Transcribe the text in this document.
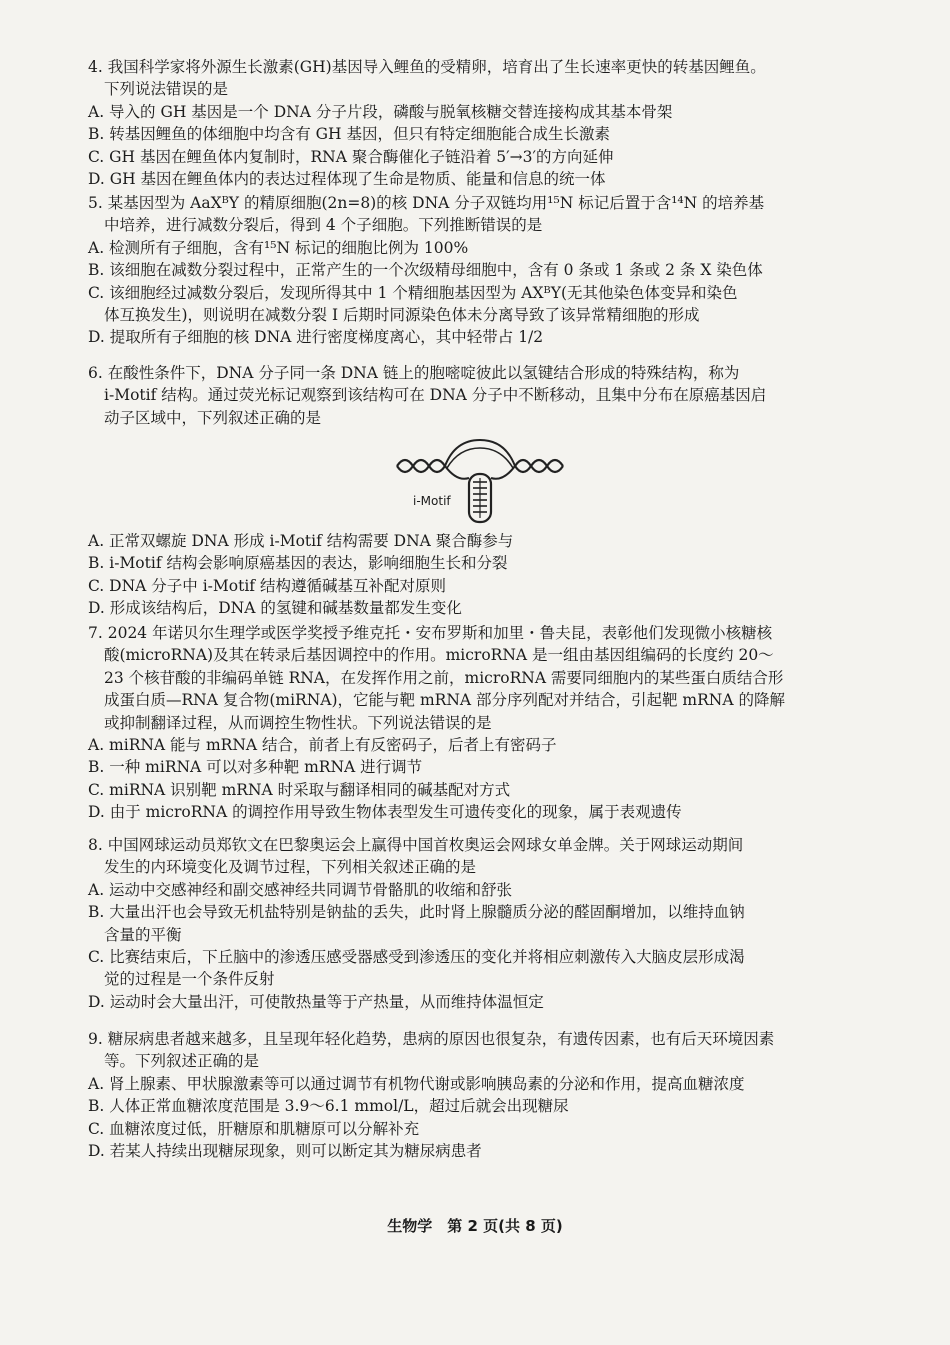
4. 我国科学家将外源生长激素(GH)基因导入鲤鱼的受精卵，培育出了生长速率更快的转基因鲤鱼。

下列说法错误的是

A. 导入的 GH 基因是一个 DNA 分子片段，磷酸与脱氧核糖交替连接构成其基本骨架

B. 转基因鲤鱼的体细胞中均含有 GH 基因，但只有特定细胞能合成生长激素

C. GH 基因在鲤鱼体内复制时，RNA 聚合酶催化子链沿着 5′→3′的方向延伸

D. GH 基因在鲤鱼体内的表达过程体现了生命是物质、能量和信息的统一体

5. 某基因型为 AaXᴮY 的精原细胞(2n=8)的核 DNA 分子双链均用¹⁵N 标记后置于含¹⁴N 的培养基

中培养，进行减数分裂后，得到 4 个子细胞。下列推断错误的是

A. 检测所有子细胞，含有¹⁵N 标记的细胞比例为 100%

B. 该细胞在减数分裂过程中，正常产生的一个次级精母细胞中，含有 0 条或 1 条或 2 条 X 染色体

C. 该细胞经过减数分裂后，发现所得其中 1 个精细胞基因型为 AXᴮY(无其他染色体变异和染色

体互换发生)，则说明在减数分裂 Ⅰ 后期时同源染色体未分离导致了该异常精细胞的形成

D. 提取所有子细胞的核 DNA 进行密度梯度离心，其中轻带占 1/2

6. 在酸性条件下，DNA 分子同一条 DNA 链上的胞嘧啶彼此以氢键结合形成的特殊结构，称为

i-Motif 结构。通过荧光标记观察到该结构可在 DNA 分子中不断移动，且集中分布在原癌基因启

动子区域中，下列叙述正确的是

i-Motif

A. 正常双螺旋 DNA 形成 i-Motif 结构需要 DNA 聚合酶参与

B. i-Motif 结构会影响原癌基因的表达，影响细胞生长和分裂

C. DNA 分子中 i-Motif 结构遵循碱基互补配对原则

D. 形成该结构后，DNA 的氢键和碱基数量都发生变化

7. 2024 年诺贝尔生理学或医学奖授予维克托・安布罗斯和加里・鲁夫昆，表彰他们发现微小核糖核

酸(microRNA)及其在转录后基因调控中的作用。microRNA 是一组由基因组编码的长度约 20～

23 个核苷酸的非编码单链 RNA，在发挥作用之前，microRNA 需要同细胞内的某些蛋白质结合形

成蛋白质—RNA 复合物(miRNA)，它能与靶 mRNA 部分序列配对并结合，引起靶 mRNA 的降解

或抑制翻译过程，从而调控生物性状。下列说法错误的是

A. miRNA 能与 mRNA 结合，前者上有反密码子，后者上有密码子

B. 一种 miRNA 可以对多种靶 mRNA 进行调节

C. miRNA 识别靶 mRNA 时采取与翻译相同的碱基配对方式

D. 由于 microRNA 的调控作用导致生物体表型发生可遗传变化的现象，属于表观遗传

8. 中国网球运动员郑钦文在巴黎奥运会上赢得中国首枚奥运会网球女单金牌。关于网球运动期间

发生的内环境变化及调节过程，下列相关叙述正确的是

A. 运动中交感神经和副交感神经共同调节骨骼肌的收缩和舒张

B. 大量出汗也会导致无机盐特别是钠盐的丢失，此时肾上腺髓质分泌的醛固酮增加，以维持血钠

含量的平衡

C. 比赛结束后，下丘脑中的渗透压感受器感受到渗透压的变化并将相应刺激传入大脑皮层形成渴

觉的过程是一个条件反射

D. 运动时会大量出汗，可使散热量等于产热量，从而维持体温恒定

9. 糖尿病患者越来越多，且呈现年轻化趋势，患病的原因也很复杂，有遗传因素，也有后天环境因素

等。下列叙述正确的是

A. 肾上腺素、甲状腺激素等可以通过调节有机物代谢或影响胰岛素的分泌和作用，提高血糖浓度

B. 人体正常血糖浓度范围是 3.9～6.1 mmol/L，超过后就会出现糖尿

C. 血糖浓度过低，肝糖原和肌糖原可以分解补充

D. 若某人持续出现糖尿现象，则可以断定其为糖尿病患者

生物学　第 2 页(共 8 页)
